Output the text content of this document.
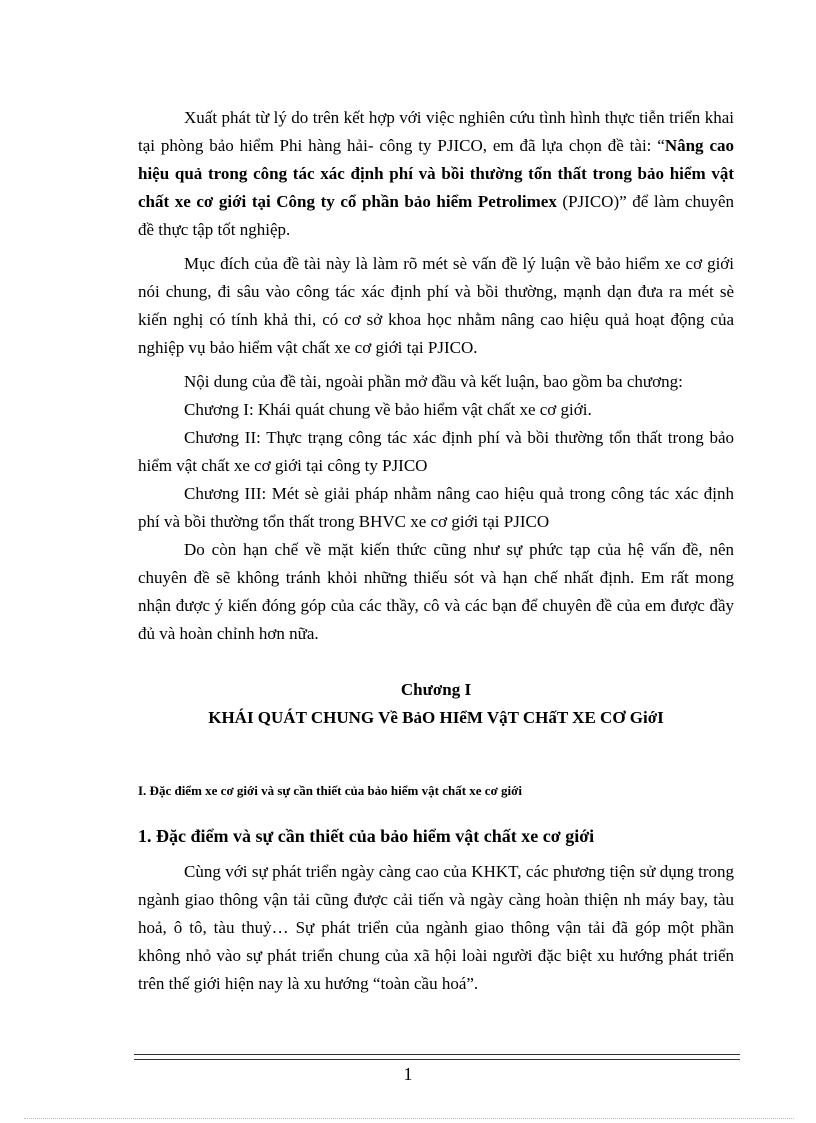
Xuất phát từ lý do trên kết hợp với việc nghiên cứu tình hình thực tiễn triển khai tại phòng bảo hiểm Phi hàng hải- công ty PJICO, em đã lựa chọn đề tài: “Nâng cao hiệu quả trong công tác xác định phí và bồi thường tổn thất trong bảo hiểm vật chất xe cơ giới tại Công ty cổ phần bảo hiểm Petrolimex (PJICO)” để làm chuyên đề thực tập tốt nghiệp.

Mục đích của đề tài này là làm rõ mét sè vấn đề lý luận về bảo hiểm xe cơ giới nói chung, đi sâu vào công tác xác định phí và bồi thường, mạnh dạn đưa ra mét sè kiến nghị có tính khả thi, có cơ sở khoa học nhằm nâng cao hiệu quả hoạt động của nghiệp vụ bảo hiểm vật chất xe cơ giới tại PJICO.

Nội dung của đề tài, ngoài phần mở đầu và kết luận, bao gồm ba chương:

Chương I: Khái quát chung về bảo hiểm vật chất xe cơ giới.

Chương II: Thực trạng công tác xác định phí và bồi thường tổn thất trong bảo hiểm vật chất xe cơ giới tại công ty PJICO

Chương III: Mét sè giải pháp nhằm nâng cao hiệu quả trong công tác xác định phí và bồi thường tổn thất trong BHVC xe cơ giới tại PJICO

Do còn hạn chế về mặt kiến thức cũng như sự phức tạp của hệ vấn đề, nên chuyên đề sẽ không tránh khỏi những thiếu sót và hạn chế nhất định. Em rất mong nhận được ý kiến đóng góp của các thầy, cô và các bạn để chuyên đề của em được đầy đủ và hoàn chỉnh hơn nữa.

Chương I
KHÁI QUÁT CHUNG Về BảO HIểM VậT CHấT XE CƠ GiớI
I. Đặc điểm xe cơ giới và sự cần thiết của bảo hiểm vật chất xe cơ giới
1. Đặc điểm và sự cần thiết của bảo hiểm vật chất xe cơ giới

Cùng với sự phát triển ngày càng cao của KHKT, các phương tiện sử dụng trong ngành giao thông vận tải cũng được cải tiến và ngày càng hoàn thiện nh máy bay, tàu hoả, ô tô, tàu thuỷ… Sự phát triển của ngành giao thông vận tải đã góp một phần không nhỏ vào sự phát triển chung của xã hội loài người đặc biệt xu hướng phát triển trên thế giới hiện nay là xu hướng “toàn cầu hoá”.

1
